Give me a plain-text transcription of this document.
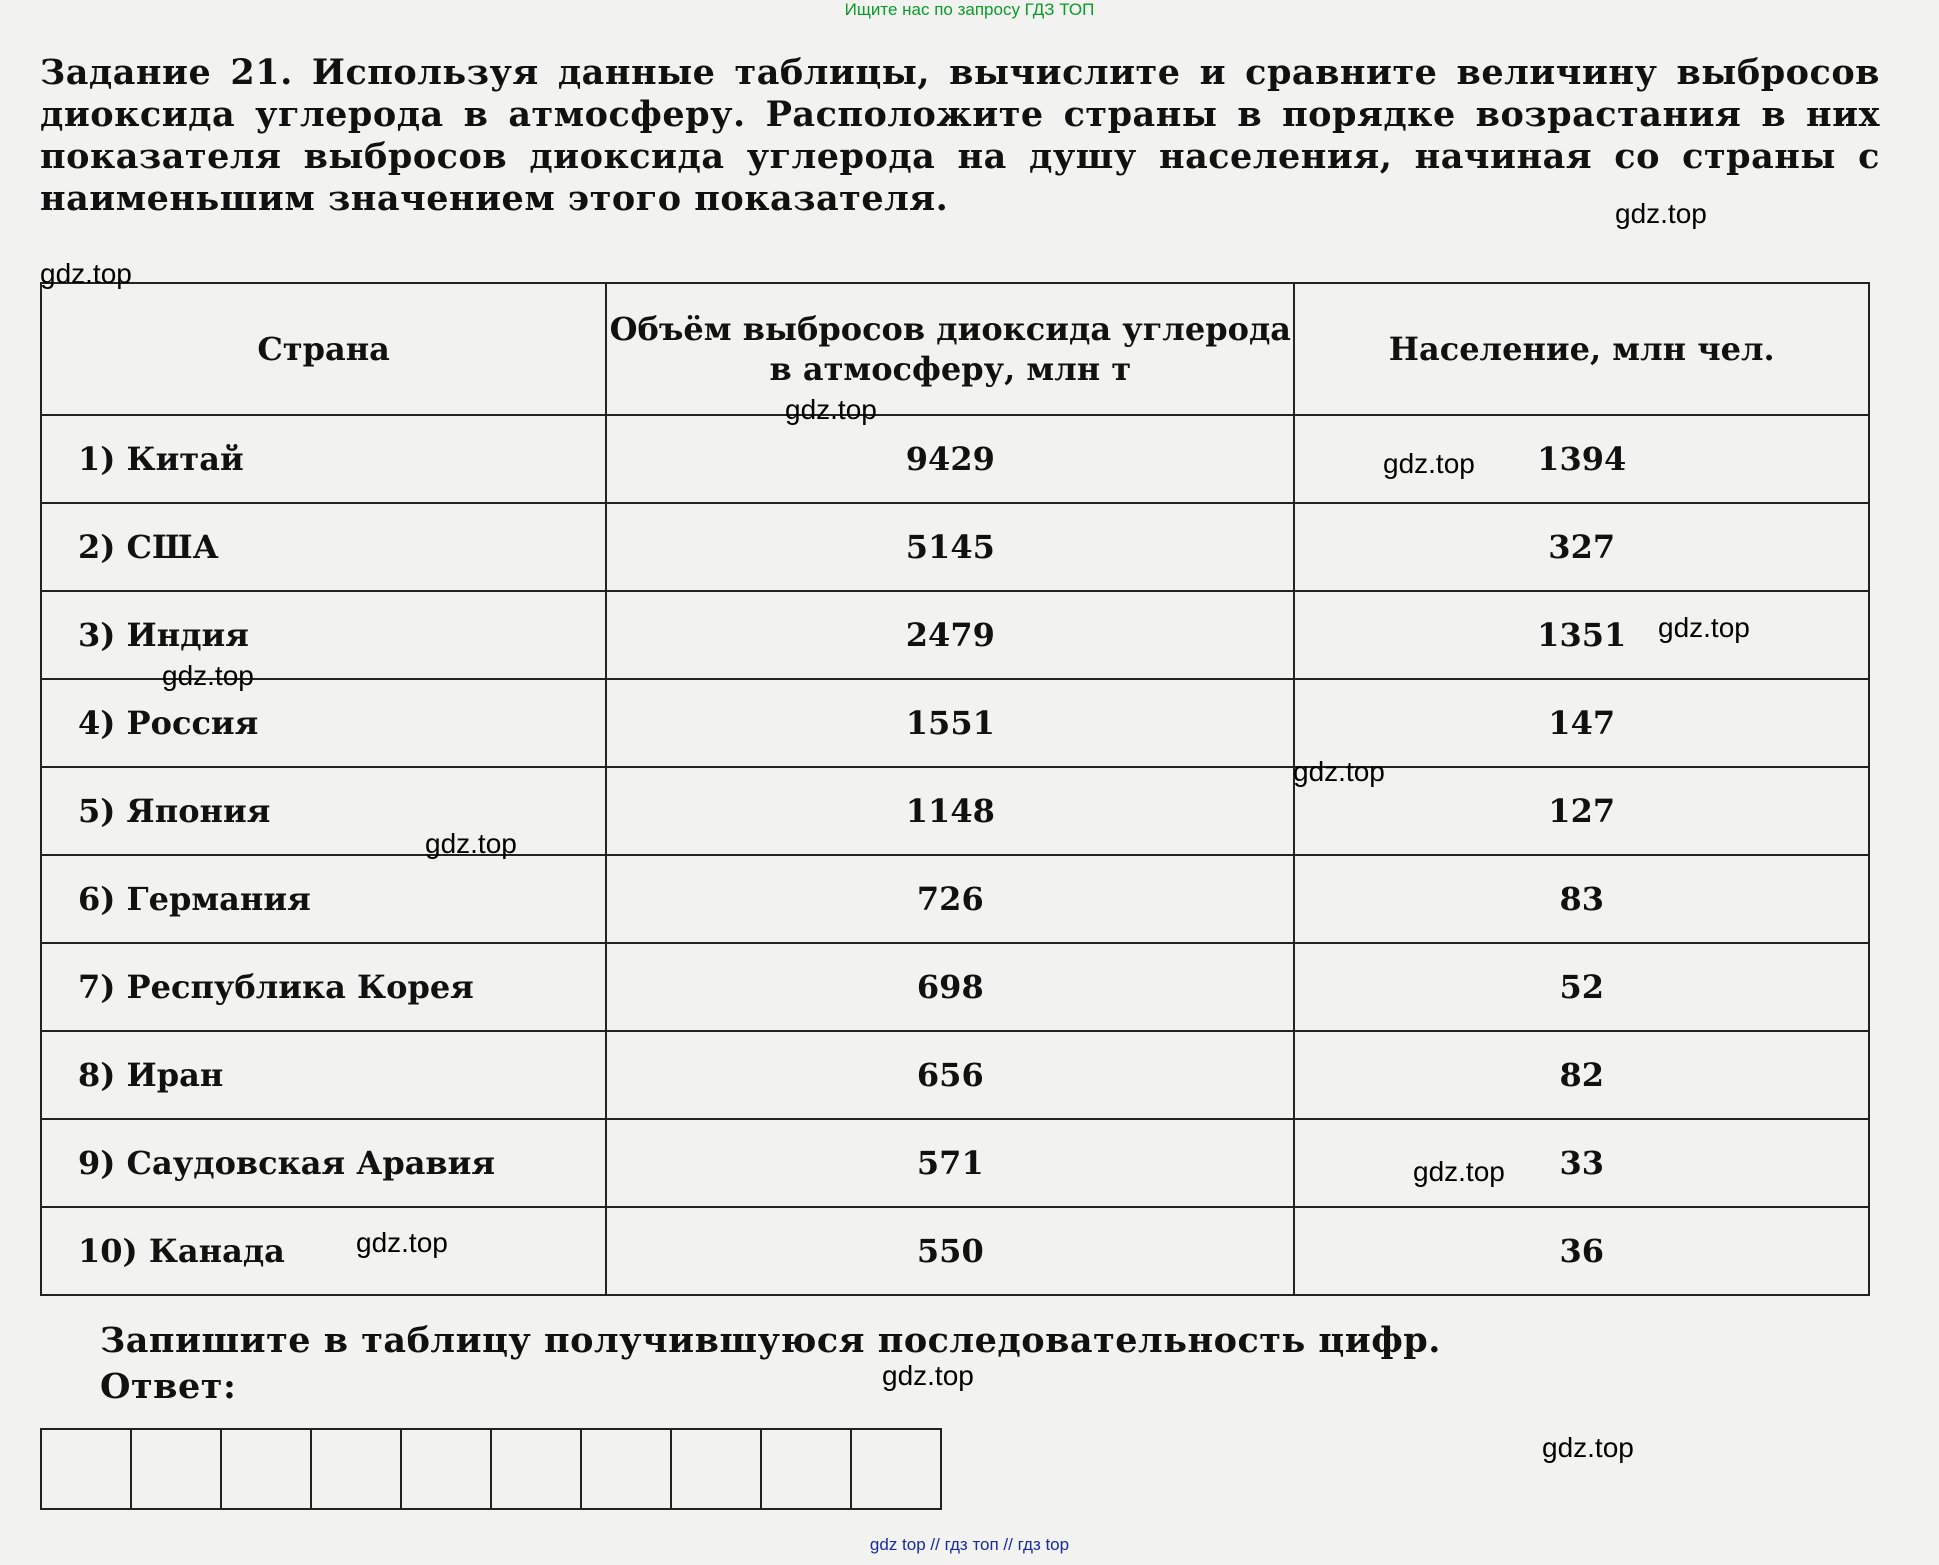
Ищите нас по запросу ГДЗ ТОП
Задание 21. Используя данные таблицы, вычислите и сравните величину выбросов диоксида углерода в атмосферу. Расположите страны в порядке возрастания в них показателя выбросов диоксида углерода на душу населения, начиная со страны с наименьшим значением этого показателя.
Страна	Объём выбросов диоксида углерода в атмосферу, млн т	Население, млн чел.
1) Китай	9429	1394
2) США	5145	327
3) Индия	2479	1351
4) Россия	1551	147
5) Япония	1148	127
6) Германия	726	83
7) Республика Корея	698	52
8) Иран	656	82
9) Саудовская Аравия	571	33
10) Канада	550	36
Запишите в таблицу получившуюся последовательность цифр.
Ответ:
gdz.top
gdz.top
gdz.top
gdz.top
gdz.top
gdz.top
gdz.top
gdz.top
gdz.top
gdz.top
gdz.top
gdz.top
gdz top // гдз топ // гдз top
